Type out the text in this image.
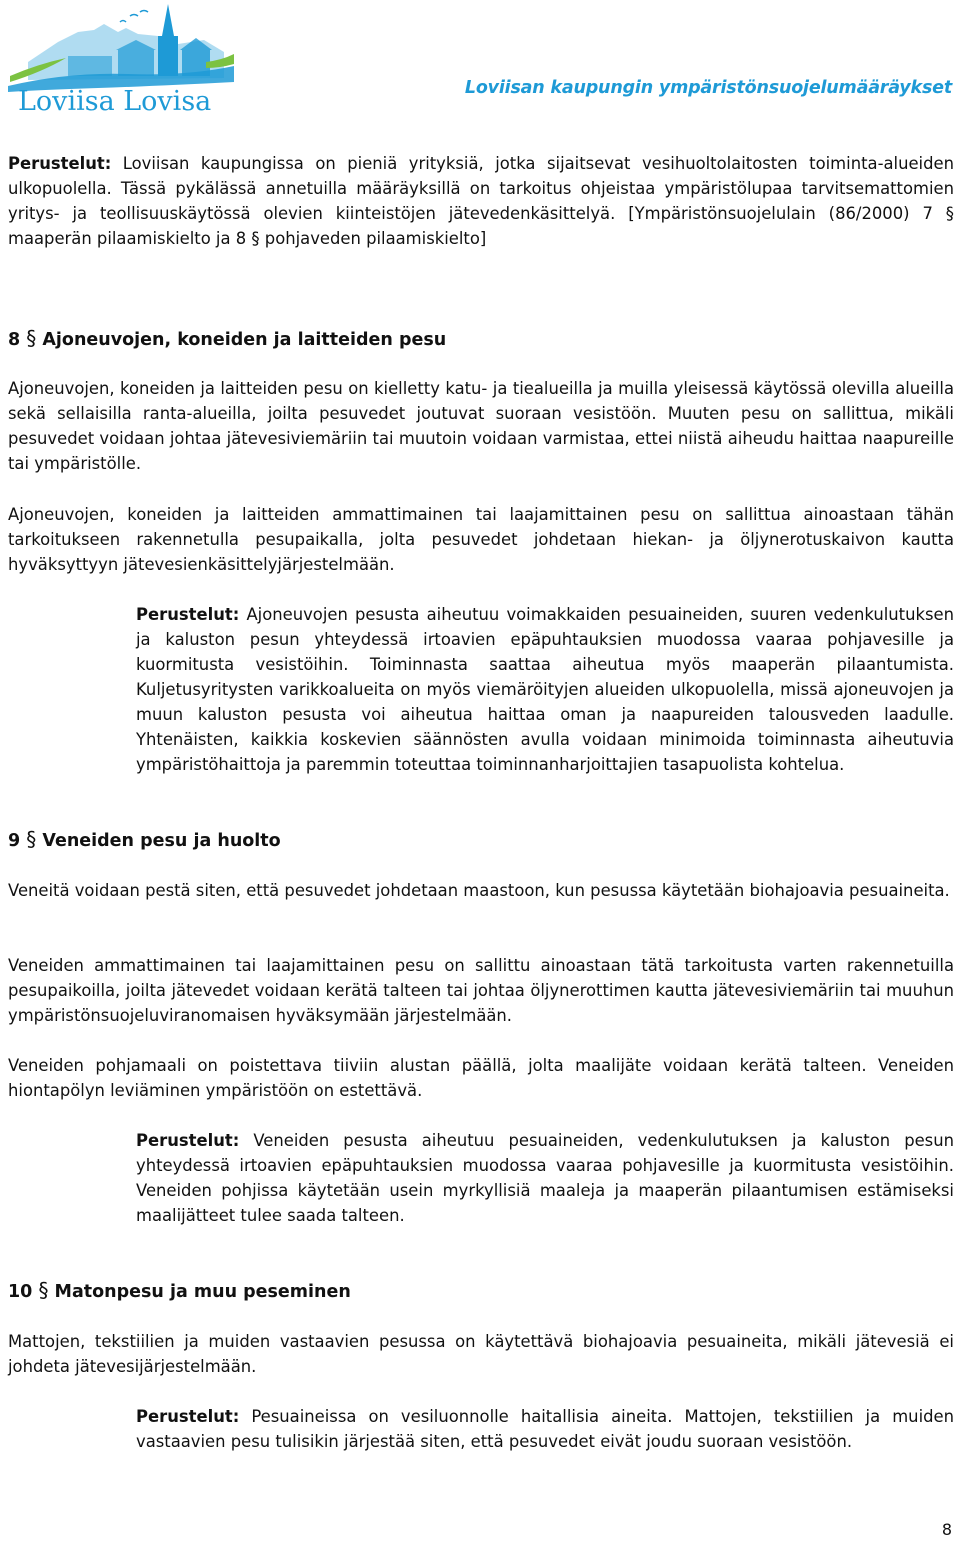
Loviisa Lovisa	Loviisan kaupungin ympäristönsuojelumääräykset

Perustelut: Loviisan kaupungissa on pieniä yrityksiä, jotka sijaitsevat vesihuoltolaitosten toiminta-alueiden ulkopuolella. Tässä pykälässä annetuilla määräyksillä on tarkoitus ohjeistaa ympäristölupaa tarvitsemattomien yritys- ja teollisuuskäytössä olevien kiinteistöjen jätevedenkäsittelyä. [Ympäristönsuojelulain (86/2000) 7 § maaperän pilaamiskielto ja 8 § pohjaveden pilaamiskielto]

8 § Ajoneuvojen, koneiden ja laitteiden pesu

Ajoneuvojen, koneiden ja laitteiden pesu on kielletty katu- ja tiealueilla ja muilla yleisessä käytössä olevilla alueilla sekä sellaisilla ranta-alueilla, joilta pesuvedet joutuvat suoraan vesistöön. Muuten pesu on sallittua, mikäli pesuvedet voidaan johtaa jätevesiviemäriin tai muutoin voidaan varmistaa, ettei niistä aiheudu haittaa naapureille tai ympäristölle.

Ajoneuvojen, koneiden ja laitteiden ammattimainen tai laajamittainen pesu on sallittua ainoastaan tähän tarkoitukseen rakennetulla pesupaikalla, jolta pesuvedet johdetaan hiekan- ja öljynerotuskaivon kautta hyväksyttyyn jätevesienkäsittelyjärjestelmään.

Perustelut: Ajoneuvojen pesusta aiheutuu voimakkaiden pesuaineiden, suuren vedenkulutuksen ja kaluston pesun yhteydessä irtoavien epäpuhtauksien muodossa vaaraa pohjavesille ja kuormitusta vesistöihin. Toiminnasta saattaa aiheutua myös maaperän pilaantumista. Kuljetusyritysten varikkoalueita on myös viemäröityjen alueiden ulkopuolella, missä ajoneuvojen ja muun kaluston pesusta voi aiheutua haittaa oman ja naapureiden talousveden laadulle. Yhtenäisten, kaikkia koskevien säännösten avulla voidaan minimoida toiminnasta aiheutuvia ympäristöhaittoja ja paremmin toteuttaa toiminnanharjoittajien tasapuolista kohtelua.

9 § Veneiden pesu ja huolto

Veneitä voidaan pestä siten, että pesuvedet johdetaan maastoon, kun pesussa käytetään biohajoavia pesuaineita.

Veneiden ammattimainen tai laajamittainen pesu on sallittu ainoastaan tätä tarkoitusta varten rakennetuilla pesupaikoilla, joilta jätevedet voidaan kerätä talteen tai johtaa öljynerottimen kautta jätevesiviemäriin tai muuhun ympäristönsuojeluviranomaisen hyväksymään järjestelmään.

Veneiden pohjamaali on poistettava tiiviin alustan päällä, jolta maalijäte voidaan kerätä talteen. Veneiden hiontapölyn leviäminen ympäristöön on estettävä.

Perustelut: Veneiden pesusta aiheutuu pesuaineiden, vedenkulutuksen ja kaluston pesun yhteydessä irtoavien epäpuhtauksien muodossa vaaraa pohjavesille ja kuormitusta vesistöihin. Veneiden pohjissa käytetään usein myrkyllisiä maaleja ja maaperän pilaantumisen estämiseksi maalijätteet tulee saada talteen.

10 § Matonpesu ja muu peseminen

Mattojen, tekstiilien ja muiden vastaavien pesussa on käytettävä biohajoavia pesuaineita, mikäli jätevesiä ei johdeta jätevesijärjestelmään.

Perustelut: Pesuaineissa on vesiluonnolle haitallisia aineita. Mattojen, tekstiilien ja muiden vastaavien pesu tulisikin järjestää siten, että pesuvedet eivät joudu suoraan vesistöön.

8
